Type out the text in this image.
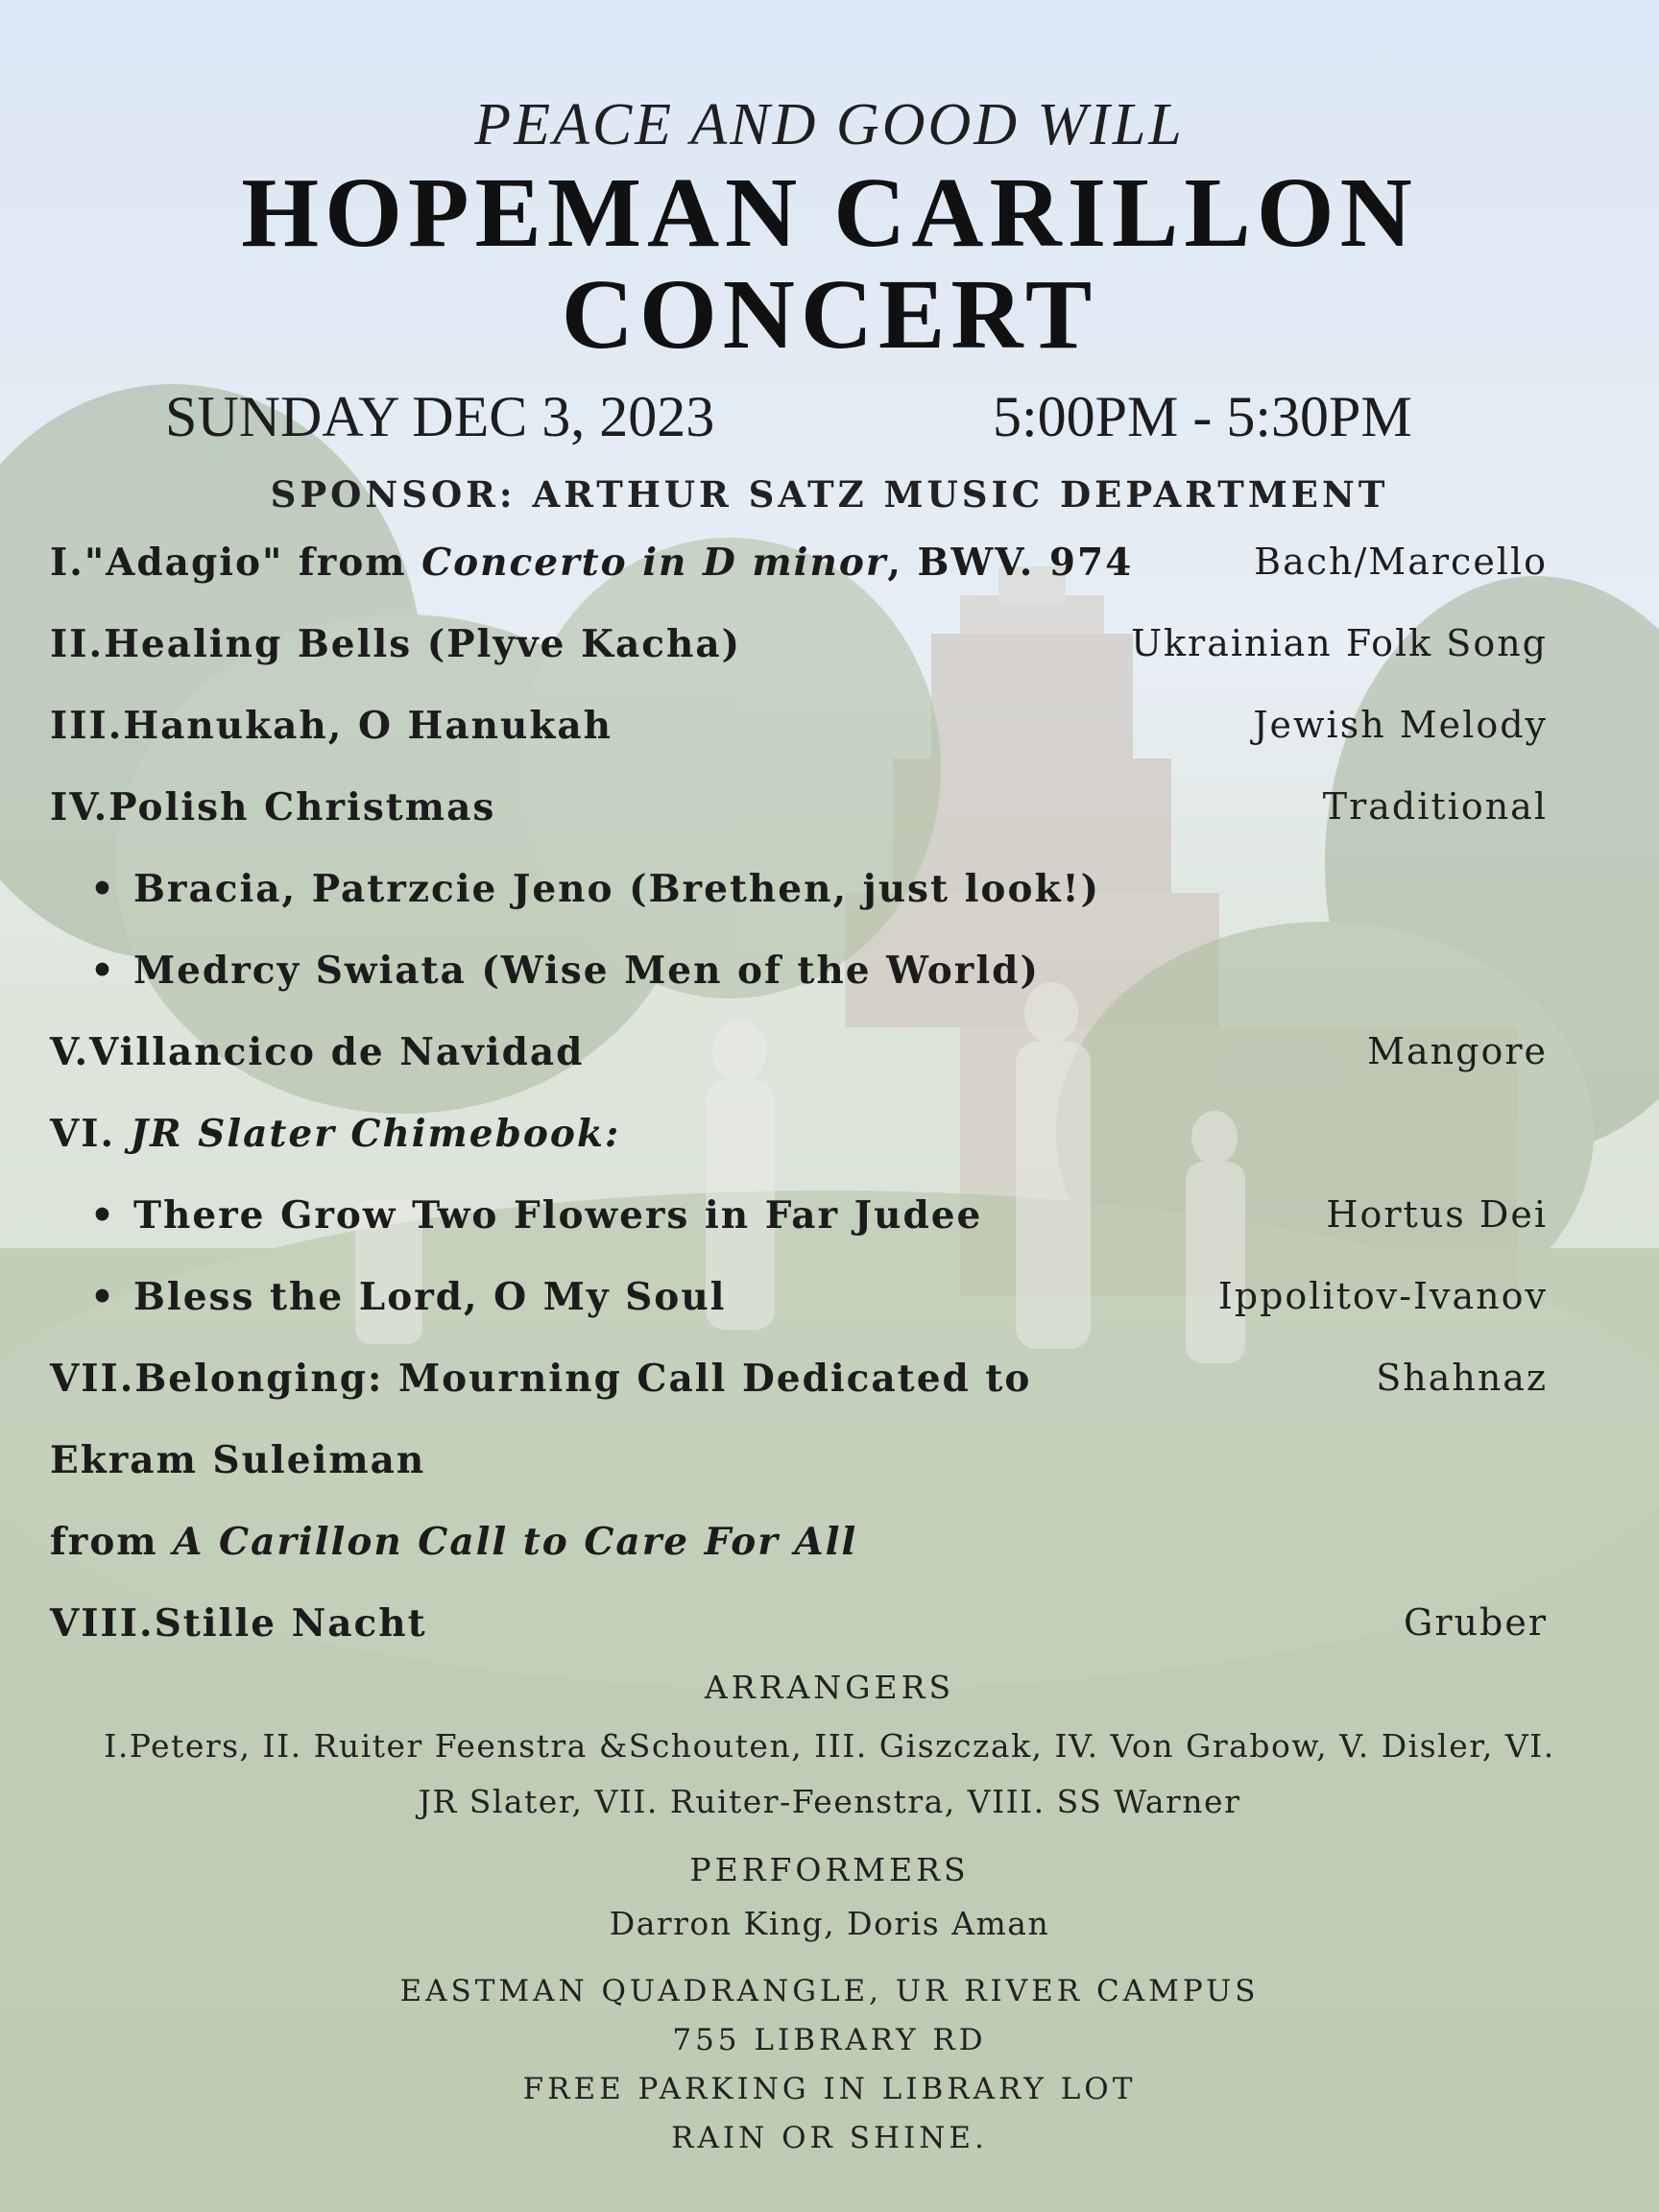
PEACE AND GOOD WILL
HOPEMAN CARILLON
CONCERT
SUNDAY DEC 3, 2023	5:00PM - 5:30PM
SPONSOR: ARTHUR SATZ MUSIC DEPARTMENT
I."Adagio" from Concerto in D minor, BWV. 974	Bach/Marcello
II.Healing Bells (Plyve Kacha)	Ukrainian Folk Song
III.Hanukah, O Hanukah	Jewish Melody
IV.Polish Christmas	Traditional
• Bracia, Patrzcie Jeno (Brethen, just look!)
• Medrcy Swiata (Wise Men of the World)
V.Villancico de Navidad	Mangore
VI. JR Slater Chimebook:
• There Grow Two Flowers in Far Judee	Hortus Dei
• Bless the Lord, O My Soul	Ippolitov-Ivanov
VII.Belonging: Mourning Call Dedicated to	Shahnaz
Ekram Suleiman
from A Carillon Call to Care For All
VIII.Stille Nacht	Gruber
ARRANGERS
I.Peters, II. Ruiter Feenstra &Schouten, III. Giszczak, IV. Von Grabow, V. Disler, VI.
JR Slater, VII. Ruiter-Feenstra, VIII. SS Warner
PERFORMERS
Darron King, Doris Aman
EASTMAN QUADRANGLE, UR RIVER CAMPUS
755 LIBRARY RD
FREE PARKING IN LIBRARY LOT
RAIN OR SHINE.
